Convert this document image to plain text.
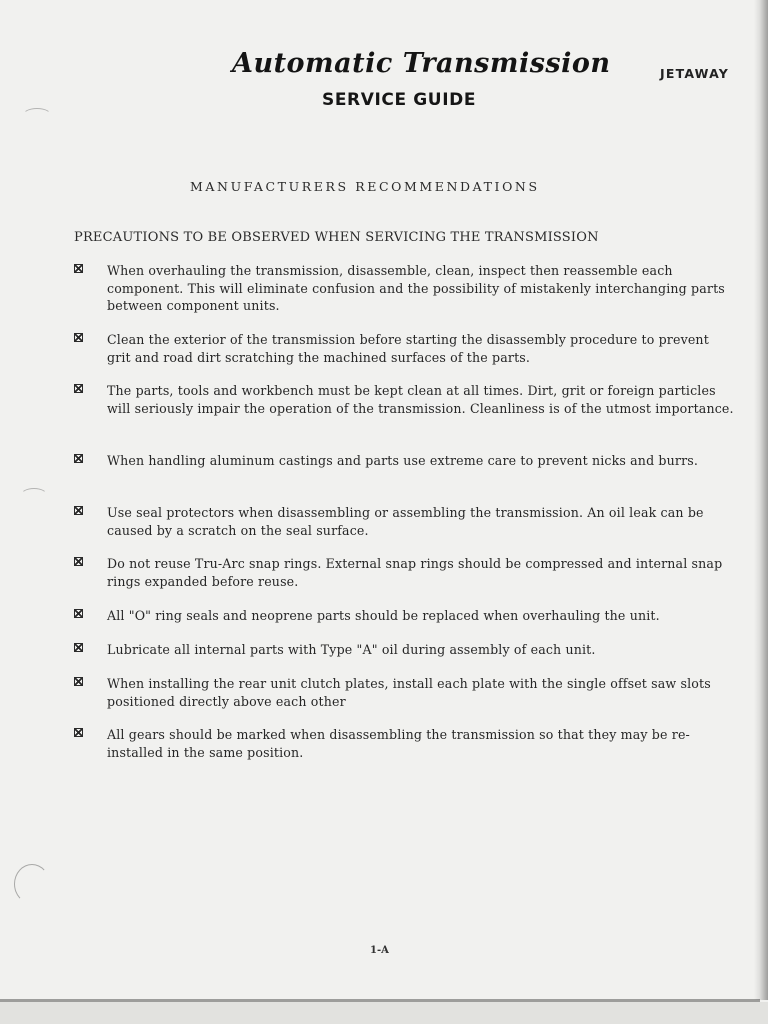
Automatic Transmission	JETAWAY
SERVICE GUIDE
MANUFACTURERS RECOMMENDATIONS
PRECAUTIONS TO BE OBSERVED WHEN SERVICING THE TRANSMISSION
When overhauling the transmission, disassemble, clean, inspect then reassemble each component. This will eliminate confusion and the possibility of mistakenly interchanging parts between component units.
Clean the exterior of the transmission before starting the disassembly procedure to prevent grit and road dirt scratching the machined surfaces of the parts.
The parts, tools and workbench must be kept clean at all times. Dirt, grit or foreign particles will seriously impair the operation of the transmission. Cleanliness is of the utmost importance.
When handling aluminum castings and parts use extreme care to prevent nicks and burrs.
Use seal protectors when disassembling or assembling the transmission. An oil leak can be caused by a scratch on the seal surface.
Do not reuse Tru-Arc snap rings. External snap rings should be compressed and internal snap rings expanded before reuse.
All "O" ring seals and neoprene parts should be replaced when overhauling the unit.
Lubricate all internal parts with Type "A" oil during assembly of each unit.
When installing the rear unit clutch plates, install each plate with the single offset saw slots positioned directly above each other
All gears should be marked when disassembling the transmission so that they may be re-installed in the same position.
1-A
